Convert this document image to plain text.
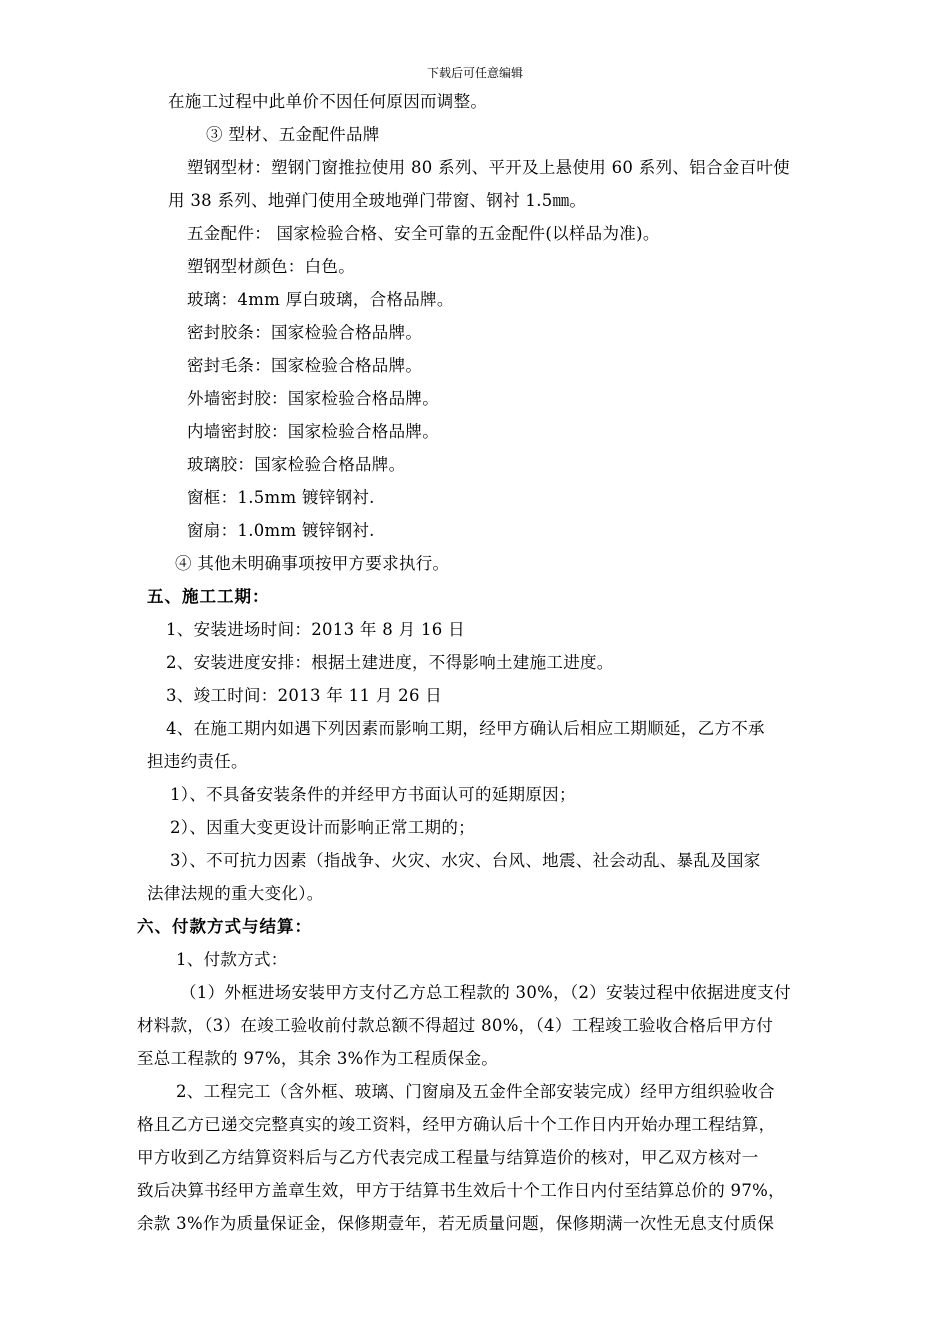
下载后可任意编辑
在施工过程中此单价不因任何原因而调整。
③ 型材、五金配件品牌
塑钢型材：塑钢门窗推拉使用 80 系列、平开及上悬使用 60 系列、铝合金百叶使
用 38 系列、地弹门使用全玻地弹门带窗、钢衬 1.5㎜。
五金配件： 国家检验合格、安全可靠的五金配件(以样品为准)。
塑钢型材颜色：白色。
玻璃：4mm 厚白玻璃，合格品牌。
密封胶条：国家检验合格品牌。
密封毛条：国家检验合格品牌。
外墙密封胶：国家检验合格品牌。
内墙密封胶：国家检验合格品牌。
玻璃胶：国家检验合格品牌。
窗框：1.5mm 镀锌钢衬.
窗扇：1.0mm 镀锌钢衬.
④ 其他未明确事项按甲方要求执行。
五、施工工期：
1、安装进场时间：2013 年 8 月 16 日
2、安装进度安排：根据土建进度，不得影响土建施工进度。
3、竣工时间：2013 年 11 月 26 日
4、在施工期内如遇下列因素而影响工期，经甲方确认后相应工期顺延，乙方不承
担违约责任。
1）、不具备安装条件的并经甲方书面认可的延期原因；
2）、因重大变更设计而影响正常工期的；
3）、不可抗力因素（指战争、火灾、水灾、台风、地震、社会动乱、暴乱及国家
法律法规的重大变化）。
六、付款方式与结算：
1、付款方式：
（1）外框进场安装甲方支付乙方总工程款的 30%，（2）安装过程中依据进度支付
材料款，（3）在竣工验收前付款总额不得超过 80%，（4）工程竣工验收合格后甲方付
至总工程款的 97%，其余 3%作为工程质保金。
2、工程完工（含外框、玻璃、门窗扇及五金件全部安装完成）经甲方组织验收合
格且乙方已递交完整真实的竣工资料，经甲方确认后十个工作日内开始办理工程结算，
甲方收到乙方结算资料后与乙方代表完成工程量与结算造价的核对，甲乙双方核对一
致后决算书经甲方盖章生效，甲方于结算书生效后十个工作日内付至结算总价的 97%，
余款 3%作为质量保证金，保修期壹年，若无质量问题，保修期满一次性无息支付质保
